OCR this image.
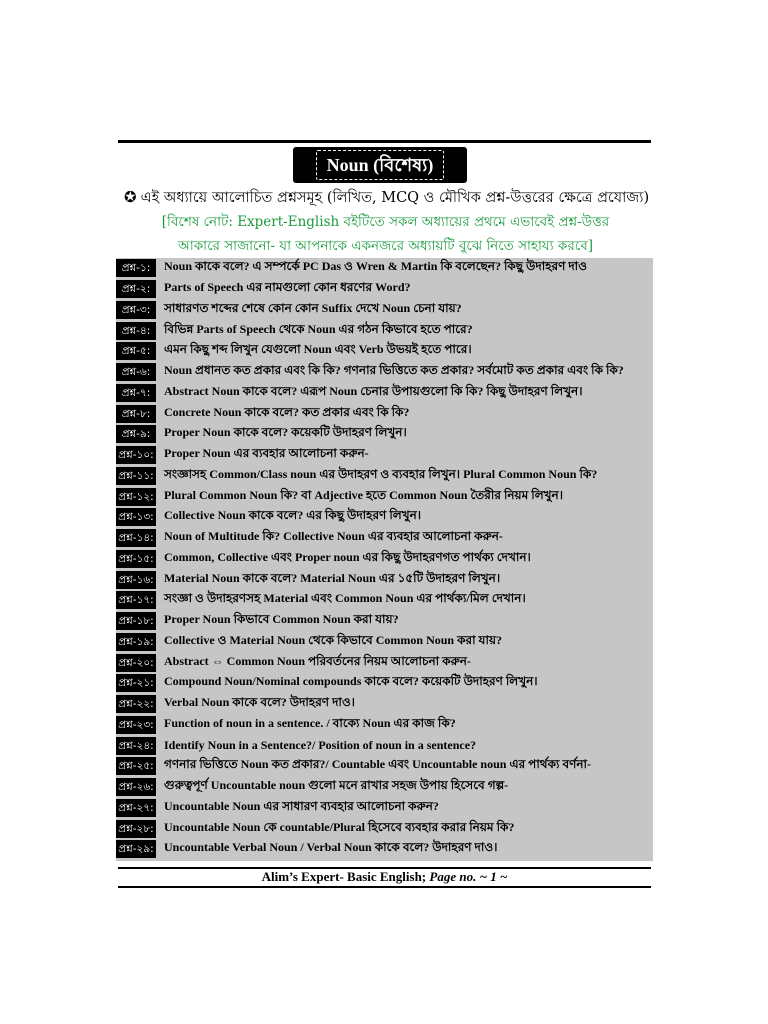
Noun (বিশেষ্য)
✪ এই অধ্যায়ে আলোচিত প্রশ্নসমূহ (লিখিত, MCQ ও মৌখিক প্রশ্ন-উত্তরের ক্ষেত্রে প্রযোজ্য)
[বিশেষ নোট: Expert-English বইটিতে সকল অধ্যায়ের প্রথমে এভাবেই প্রশ্ন-উত্তর
আকারে সাজানো- যা আপনাকে একনজরে অধ্যায়টি বুঝে নিতে সাহায্য করবে]
প্রশ্ন-১:	Noun কাকে বলে? এ সম্পর্কে PC Das ও Wren & Martin কি বলেছেন? কিছু উদাহরণ দাও
প্রশ্ন-২:	Parts of Speech এর নামগুলো কোন ধরণের Word?
প্রশ্ন-৩:	সাধারণত শব্দের শেষে কোন কোন Suffix দেখে Noun চেনা যায়?
প্রশ্ন-৪:	বিভিন্ন Parts of Speech থেকে Noun এর গঠন কিভাবে হতে পারে?
প্রশ্ন-৫:	এমন কিছু শব্দ লিখুন যেগুলো Noun এবং Verb উভয়ই হতে পারে।
প্রশ্ন-৬:	Noun প্রধানত কত প্রকার এবং কি কি? গণনার ভিত্তিতে কত প্রকার? সর্বমোট কত প্রকার এবং কি কি?
প্রশ্ন-৭:	Abstract Noun কাকে বলে? এরূপ Noun চেনার উপায়গুলো কি কি? কিছু উদাহরণ লিখুন।
প্রশ্ন-৮:	Concrete Noun কাকে বলে? কত প্রকার এবং কি কি?
প্রশ্ন-৯:	Proper Noun কাকে বলে? কয়েকটি উদাহরণ লিখুন।
প্রশ্ন-১০: Proper Noun এর ব্যবহার আলোচনা করুন-
প্রশ্ন-১১: সংজ্ঞাসহ Common/Class noun এর উদাহরণ ও ব্যবহার লিখুন। Plural Common Noun কি?
প্রশ্ন-১২: Plural Common Noun কি? বা Adjective হতে Common Noun তৈরীর নিয়ম লিখুন।
প্রশ্ন-১৩: Collective Noun কাকে বলে? এর কিছু উদাহরণ লিখুন।
প্রশ্ন-১৪: Noun of Multitude কি? Collective Noun এর ব্যবহার আলোচনা করুন-
প্রশ্ন-১৫: Common, Collective এবং Proper noun এর কিছু উদাহরণগত পার্থক্য দেখান।
প্রশ্ন-১৬: Material Noun কাকে বলে? Material Noun এর ১৫টি উদাহরণ লিখুন।
প্রশ্ন-১৭: সংজ্ঞা ও উদাহরণসহ Material এবং Common Noun এর পার্থক্য/মিল দেখান।
প্রশ্ন-১৮: Proper Noun কিভাবে Common Noun করা যায়?
প্রশ্ন-১৯: Collective ও Material Noun থেকে কিভাবে Common Noun করা যায়?
প্রশ্ন-২০: Abstract ⇔ Common Noun পরিবর্তনের নিয়ম আলোচনা করুন-
প্রশ্ন-২১: Compound Noun/Nominal compounds কাকে বলে? কয়েকটি উদাহরণ লিখুন।
প্রশ্ন-২২: Verbal Noun কাকে বলে? উদাহরণ দাও।
প্রশ্ন-২৩: Function of noun in a sentence. / বাক্যে Noun এর কাজ কি?
প্রশ্ন-২৪: Identify Noun in a Sentence?/ Position of noun in a sentence?
প্রশ্ন-২৫: গণনার ভিত্তিতে Noun কত প্রকার?/ Countable এবং Uncountable noun এর পার্থক্য বর্ণনা-
প্রশ্ন-২৬: গুরুত্বপূর্ণ Uncountable noun গুলো মনে রাখার সহজ উপায় হিসেবে গল্প-
প্রশ্ন-২৭: Uncountable Noun এর সাধারণ ব্যবহার আলোচনা করুন?
প্রশ্ন-২৮: Uncountable Noun কে countable/Plural হিসেবে ব্যবহার করার নিয়ম কি?
প্রশ্ন-২৯: Uncountable Verbal Noun / Verbal Noun কাকে বলে? উদাহরণ দাও।
Alim’s Expert- Basic English; Page no. ~ 1 ~
